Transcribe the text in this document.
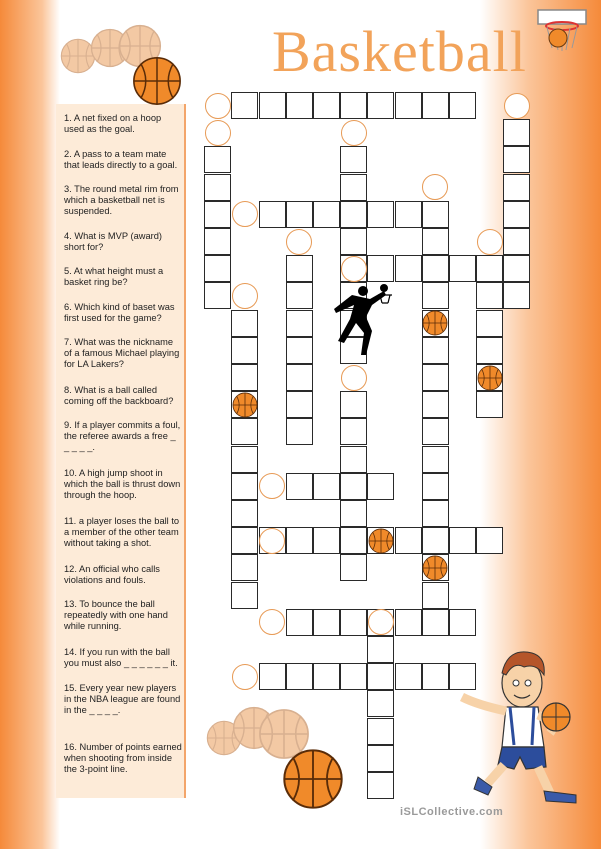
Basketball
1. A net fixed on a hoop used as the goal.
2. A pass to a team mate that leads directly to a goal.
3. The round metal rim from which a basketball net is suspended.
4. What is MVP (award) short for?
5. At what height must a basket ring be?
6. Which kind of baset was first used for the game?
7. What was the nickname of a famous Michael playing for LA Lakers?
8. What is a ball called coming off the backboard?
9. If a player commits a foul, the referee awards a free _ _ _ _ _.
10. A high jump shoot in which the ball is thrust down through the hoop.
11. a player loses the ball to a member of the other team without taking a shot.
12. An official who calls violations and fouls.
13. To bounce the ball repeatedly with one hand while running.
14. If you run with the ball you must also _ _ _ _ _ _ it.
15. Every year new players in the NBA league are found in the _ _ _ _.
16. Number of points earned when shooting from inside the 3-point line.
iSLCollective.com
